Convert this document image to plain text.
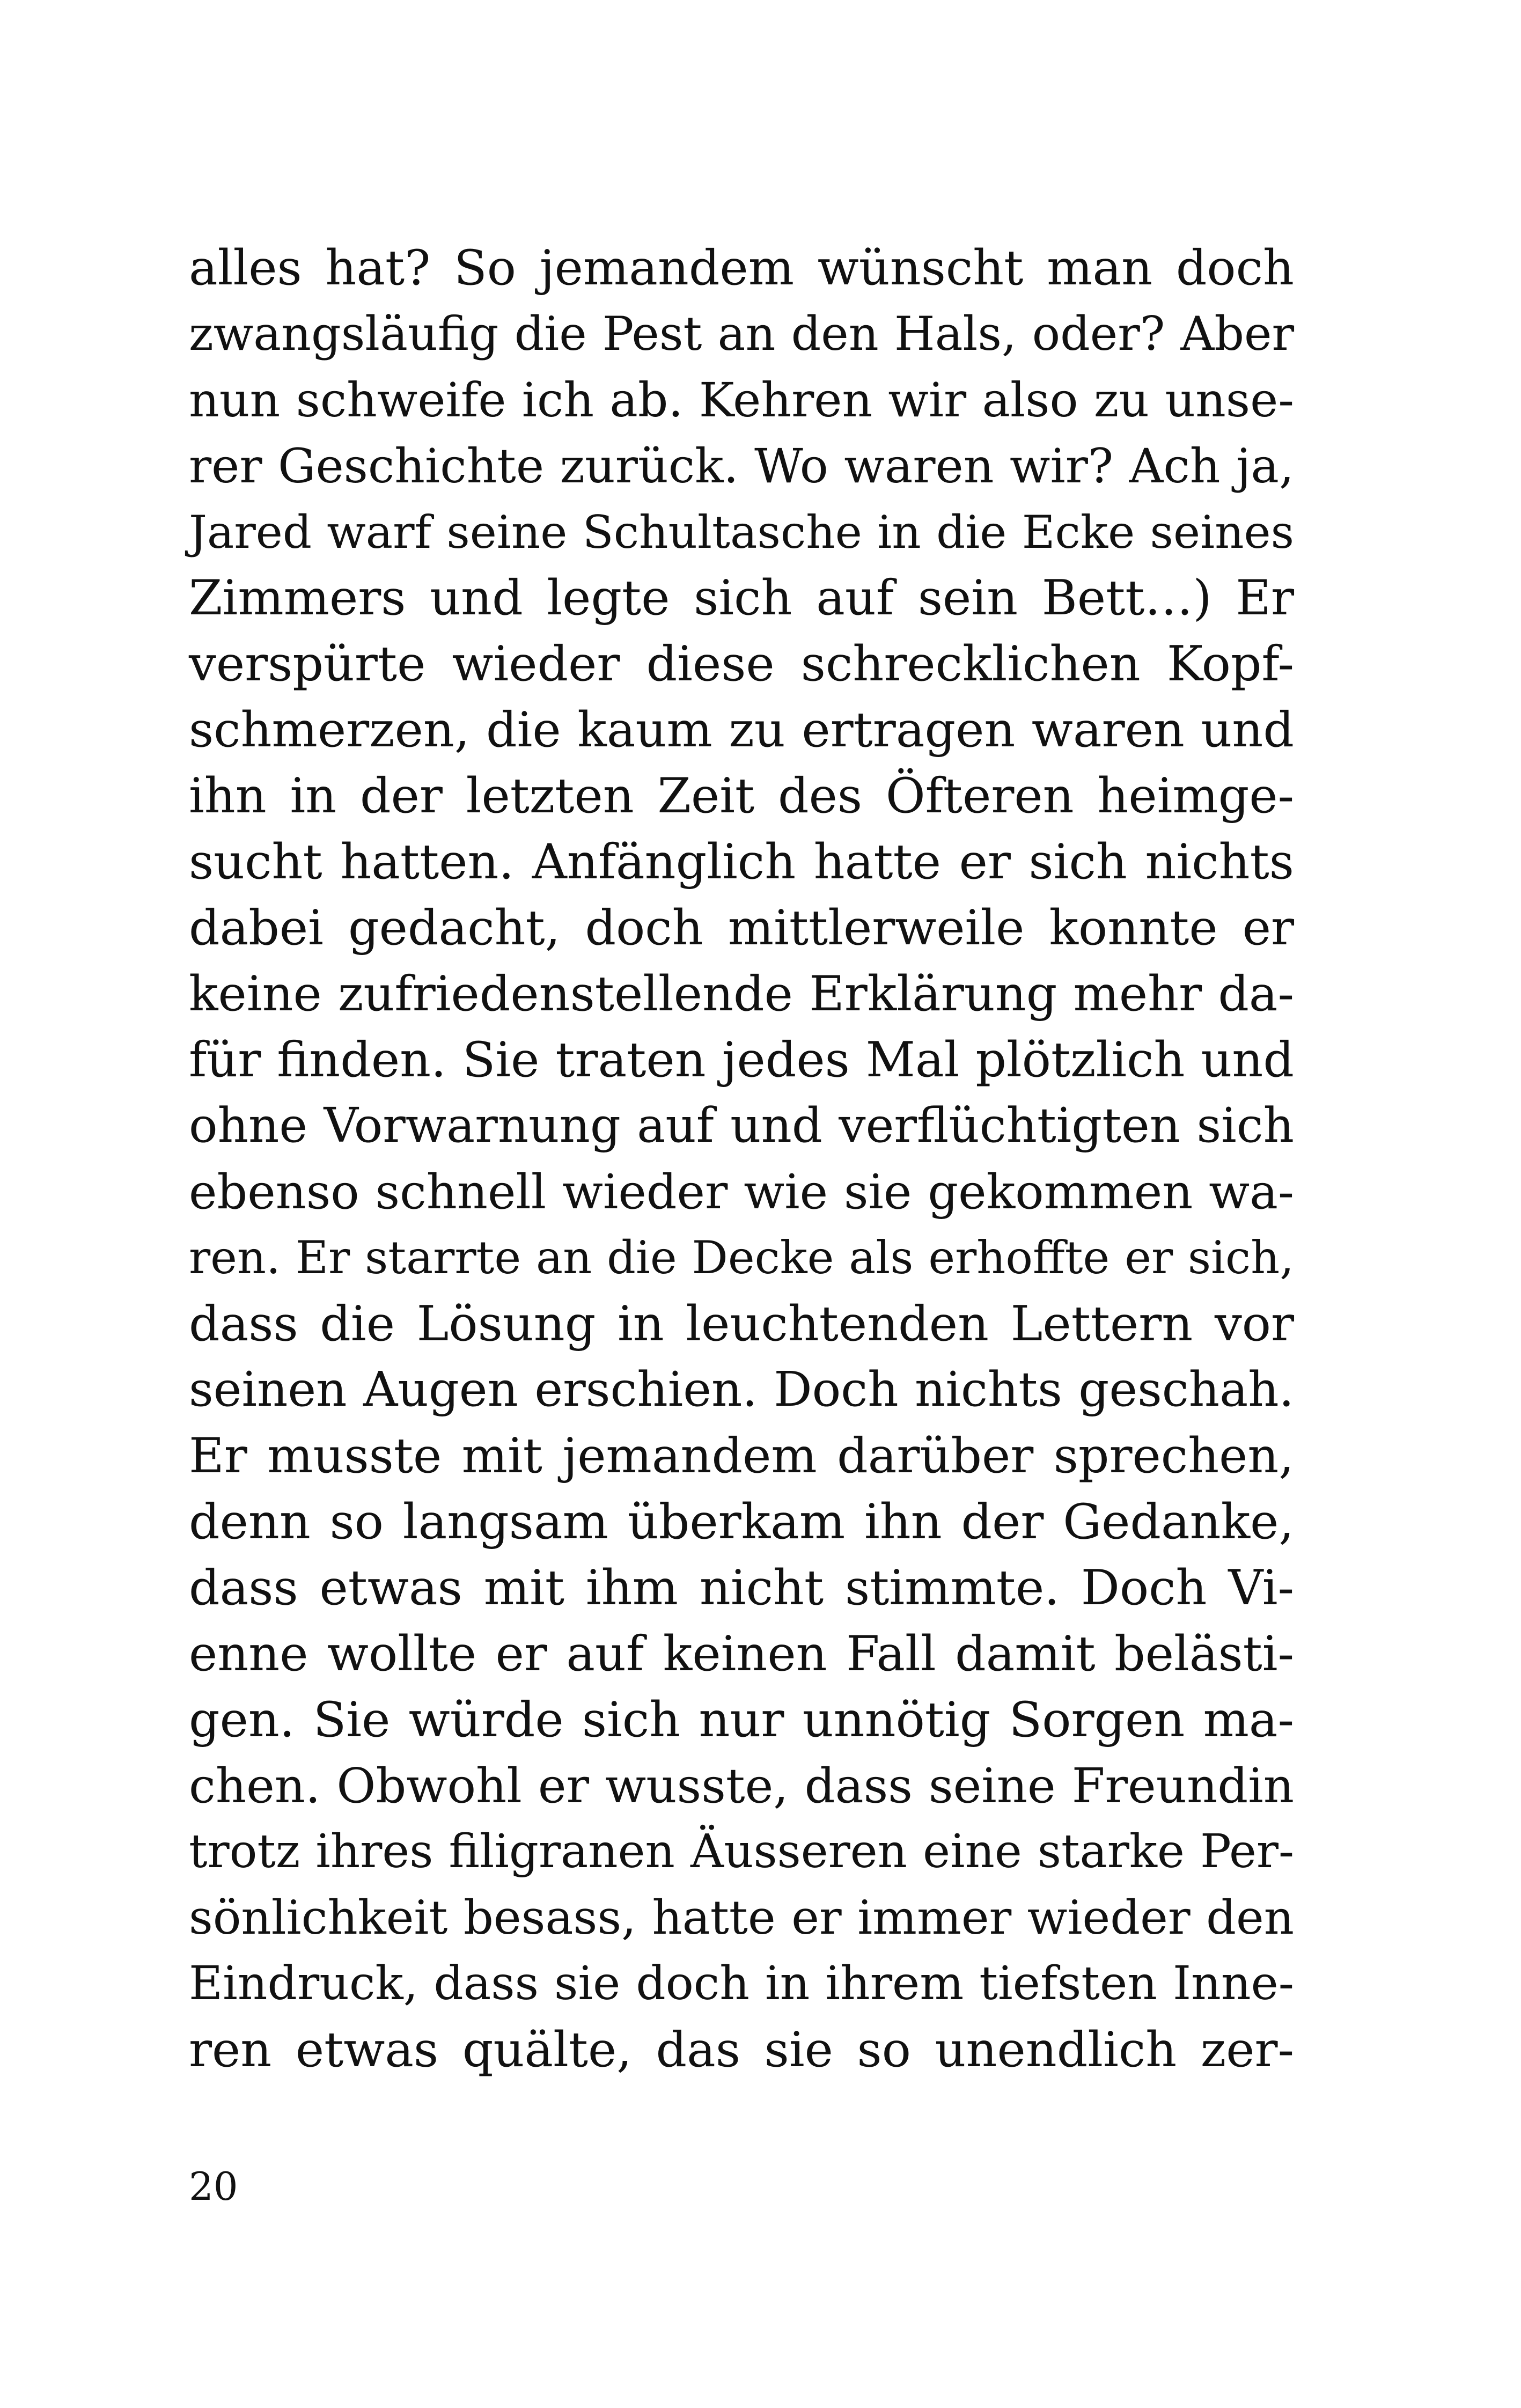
alles hat? So jemandem wünscht man doch
zwangsläufig die Pest an den Hals, oder? Aber
nun schweife ich ab. Kehren wir also zu unse-
rer Geschichte zurück. Wo waren wir? Ach ja,
Jared warf seine Schultasche in die Ecke seines
Zimmers und legte sich auf sein Bett…) Er
verspürte wieder diese schrecklichen Kopf-
schmerzen, die kaum zu ertragen waren und
ihn in der letzten Zeit des Öfteren heimge-
sucht hatten. Anfänglich hatte er sich nichts
dabei gedacht, doch mittlerweile konnte er
keine zufriedenstellende Erklärung mehr da-
für finden. Sie traten jedes Mal plötzlich und
ohne Vorwarnung auf und verflüchtigten sich
ebenso schnell wieder wie sie gekommen wa-
ren. Er starrte an die Decke als erhoffte er sich,
dass die Lösung in leuchtenden Lettern vor
seinen Augen erschien. Doch nichts geschah.
Er musste mit jemandem darüber sprechen,
denn so langsam überkam ihn der Gedanke,
dass etwas mit ihm nicht stimmte. Doch Vi-
enne wollte er auf keinen Fall damit belästi-
gen. Sie würde sich nur unnötig Sorgen ma-
chen. Obwohl er wusste, dass seine Freundin
trotz ihres filigranen Äusseren eine starke Per-
sönlichkeit besass, hatte er immer wieder den
Eindruck, dass sie doch in ihrem tiefsten Inne-
ren etwas quälte, das sie so unendlich zer-
20
